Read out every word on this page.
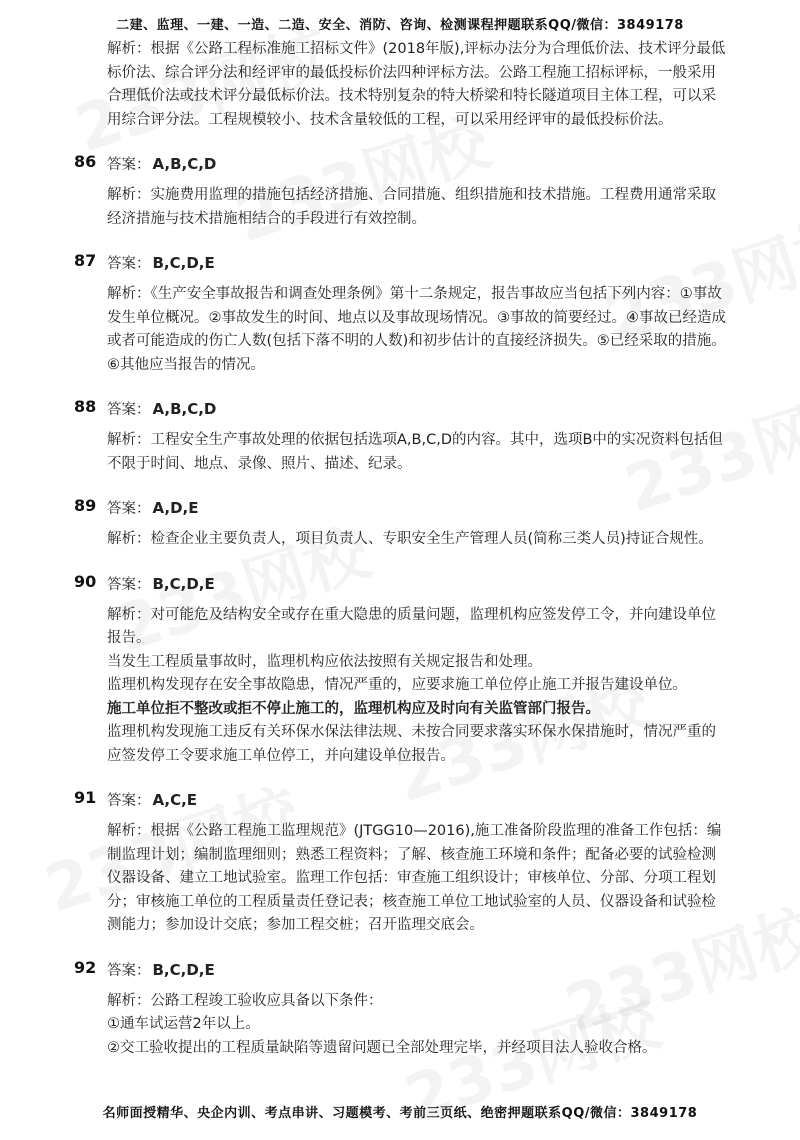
二建、监理、一建、一造、二造、安全、消防、咨询、检测课程押题联系QQ/微信：3849178

解析：根据《公路工程标准施工招标文件》(2018年版),评标办法分为合理低价法、技术评分最低标价法、综合评分法和经评审的最低投标价法四种评标方法。公路工程施工招标评标，一般采用合理低价法或技术评分最低标价法。技术特别复杂的特大桥梁和特长隧道项目主体工程，可以采用综合评分法。工程规模较小、技术含量较低的工程，可以采用经评审的最低投标价法。

86 答案： A,B,C,D

解析：实施费用监理的措施包括经济措施、合同措施、组织措施和技术措施。工程费用通常采取经济措施与技术措施相结合的手段进行有效控制。

87 答案： B,C,D,E

解析：《生产安全事故报告和调查处理条例》第十二条规定，报告事故应当包括下列内容：①事故发生单位概况。②事故发生的时间、地点以及事故现场情况。③事故的简要经过。④事故已经造成或者可能造成的伤亡人数(包括下落不明的人数)和初步估计的直接经济损失。⑤已经采取的措施。⑥其他应当报告的情况。

88 答案： A,B,C,D

解析：工程安全生产事故处理的依据包括选项A,B,C,D的内容。其中，选项B中的实况资料包括但不限于时间、地点、录像、照片、描述、纪录。

89 答案： A,D,E

解析：检查企业主要负责人，项目负责人、专职安全生产管理人员(简称三类人员)持证合规性。

90 答案： B,C,D,E

解析：对可能危及结构安全或存在重大隐患的质量问题，监理机构应签发停工令，并向建设单位报告。

当发生工程质量事故时，监理机构应依法按照有关规定报告和处理。

监理机构发现存在安全事故隐患，情况严重的，应要求施工单位停止施工并报告建设单位。

施工单位拒不整改或拒不停止施工的，监理机构应及时向有关监管部门报告。

监理机构发现施工违反有关环保水保法律法规、未按合同要求落实环保水保措施时，情况严重的应签发停工令要求施工单位停工，并向建设单位报告。

91 答案： A,C,E

解析：根据《公路工程施工监理规范》(JTGG10—2016),施工准备阶段监理的准备工作包括：编制监理计划；编制监理细则；熟悉工程资料；了解、核查施工环境和条件；配备必要的试验检测仪器设备、建立工地试验室。监理工作包括：审查施工组织设计；审核单位、分部、分项工程划分；审核施工单位的工程质量责任登记表；核查施工单位工地试验室的人员、仪器设备和试验检测能力；参加设计交底；参加工程交桩；召开监理交底会。

92 答案： B,C,D,E

解析：公路工程竣工验收应具备以下条件：

①通车试运营2年以上。

②交工验收提出的工程质量缺陷等遗留问题已全部处理完毕，并经项目法人验收合格。

名师面授精华、央企内训、考点串讲、习题模考、考前三页纸、绝密押题联系QQ/微信：3849178
